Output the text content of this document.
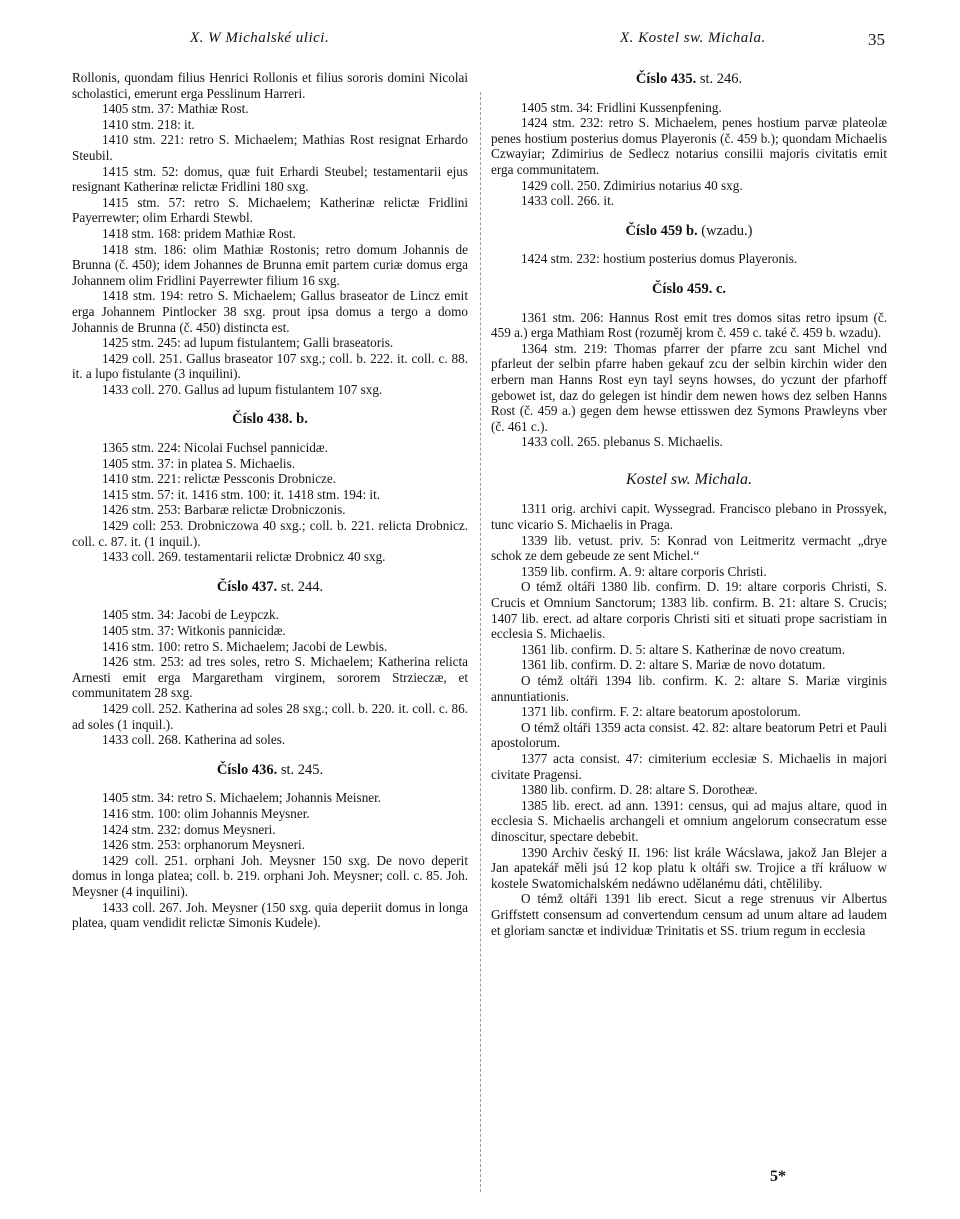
X. W Michalské ulici.	X. Kostel sw. Michala.	35

Rollonis, quondam filius Henrici Rollonis et filius sororis domini Nicolai scholastici, emerunt erga Pesslinum Harreri.

1405 stm. 37: Mathiæ Rost.

1410 stm. 218: it.

1410 stm. 221: retro S. Michaelem; Mathias Rost resignat Erhardo Steubil.

1415 stm. 52: domus, quæ fuit Erhardi Steubel; testamentarii ejus resignant Katherinæ relictæ Fridlini 180 sxg.

1415 stm. 57: retro S. Michaelem; Katherinæ relictæ Fridlini Payerrewter; olim Erhardi Stewbl.

1418 stm. 168: pridem Mathiæ Rost.

1418 stm. 186: olim Mathiæ Rostonis; retro domum Johannis de Brunna (č. 450); idem Johannes de Brunna emit partem curiæ domus erga Johannem olim Fridlini Payerrewter filium 16 sxg.

1418 stm. 194: retro S. Michaelem; Gallus braseator de Lincz emit erga Johannem Pintlocker 38 sxg. prout ipsa domus a tergo a domo Johannis de Brunna (č. 450) distincta est.

1425 stm. 245: ad lupum fistulantem; Galli braseatoris.

1429 coll. 251. Gallus braseator 107 sxg.; coll. b. 222. it. coll. c. 88. it. a lupo fistulante (3 inquilini).

1433 coll. 270. Gallus ad lupum fistulantem 107 sxg.

Číslo 438. b.

1365 stm. 224: Nicolai Fuchsel pannicidæ.

1405 stm. 37: in platea S. Michaelis.

1410 stm. 221: relictæ Pessconis Drobnicze.

1415 stm. 57: it. 1416 stm. 100: it. 1418 stm. 194: it.

1426 stm. 253: Barbaræ relictæ Drobniczonis.

1429 coll: 253. Drobniczowa 40 sxg.; coll. b. 221. relicta Drobnicz. coll. c. 87. it. (1 inquil.).

1433 coll. 269. testamentarii relictæ Drobnicz 40 sxg.

Číslo 437. st. 244.

1405 stm. 34: Jacobi de Leypczk.

1405 stm. 37: Witkonis pannicidæ.

1416 stm. 100: retro S. Michaelem; Jacobi de Lewbis.

1426 stm. 253: ad tres soles, retro S. Michaelem; Katherina relicta Arnesti emit erga Margaretham virginem, sororem Strzieczæ, et communitatem 28 sxg.

1429 coll. 252. Katherina ad soles 28 sxg.; coll. b. 220. it. coll. c. 86. ad soles (1 inquil.).

1433 coll. 268. Katherina ad soles.

Číslo 436. st. 245.

1405 stm. 34: retro S. Michaelem; Johannis Meisner.

1416 stm. 100: olim Johannis Meysner.

1424 stm. 232: domus Meysneri.

1426 stm. 253: orphanorum Meysneri.

1429 coll. 251. orphani Joh. Meysner 150 sxg. De novo deperit domus in longa platea; coll. b. 219. orphani Joh. Meysner; coll. c. 85. Joh. Meysner (4 inquilini).

1433 coll. 267. Joh. Meysner (150 sxg. quia deperiit domus in longa platea, quam vendidit relictæ Simonis Kudele).

Číslo 435. st. 246.

1405 stm. 34: Fridlini Kussenpfening.

1424 stm. 232: retro S. Michaelem, penes hostium parvæ plateolæ penes hostium posterius domus Playeronis (č. 459 b.); quondam Michaelis Czwayiar; Zdimirius de Sedlecz notarius consilii majoris civitatis emit erga communitatem.

1429 coll. 250. Zdimirius notarius 40 sxg.

1433 coll. 266. it.

Číslo 459 b. (wzadu.)

1424 stm. 232: hostium posterius domus Playeronis.

Číslo 459. c.

1361 stm. 206: Hannus Rost emit tres domos sitas retro ipsum (č. 459 a.) erga Mathiam Rost (rozuměj krom č. 459 c. také č. 459 b. wzadu).

1364 stm. 219: Thomas pfarrer der pfarre zcu sant Michel vnd pfarleut der selbin pfarre haben gekauf zcu der selbin kirchin wider den erbern man Hanns Rost eyn tayl seyns howses, do yczunt der pfarhoff gebowet ist, daz do gelegen ist hindir dem newen hows dez selben Hanns Rost (č. 459 a.) gegen dem hewse ettisswen dez Symons Prawleyns vber (č. 461 c.).

1433 coll. 265. plebanus S. Michaelis.

Kostel sw. Michala.

1311 orig. archivi capit. Wyssegrad. Francisco plebano in Prossyek, tunc vicario S. Michaelis in Praga.

1339 lib. vetust. priv. 5: Konrad von Leitmeritz vermacht „drye schok ze dem gebeude ze sent Michel.“

1359 lib. confirm. A. 9: altare corporis Christi.

O témž oltáři 1380 lib. confirm. D. 19: altare corporis Christi, S. Crucis et Omnium Sanctorum; 1383 lib. confirm. B. 21: altare S. Crucis; 1407 lib. erect. ad altare corporis Christi siti et situati prope sacristiam in ecclesia S. Michaelis.

1361 lib. confirm. D. 5: altare S. Katherinæ de novo creatum.

1361 lib. confirm. D. 2: altare S. Mariæ de novo dotatum.

O témž oltáři 1394 lib. confirm. K. 2: altare S. Mariæ virginis annuntiationis.

1371 lib. confirm. F. 2: altare beatorum apostolorum.

O témž oltáři 1359 acta consist. 42. 82: altare beatorum Petri et Pauli apostolorum.

1377 acta consist. 47: cimiterium ecclesiæ S. Michaelis in majori civitate Pragensi.

1380 lib. confirm. D. 28: altare S. Dorotheæ.

1385 lib. erect. ad ann. 1391: census, qui ad majus altare, quod in ecclesia S. Michaelis archangeli et omnium angelorum consecratum esse dinoscitur, spectare debebit.

1390 Archiv český II. 196: list krále Wácslawa, jakož Jan Blejer a Jan apatekář měli jsú 12 kop platu k oltáři sw. Trojice a tří králuow w kostele Swatomichalském nedáwno udělanému dáti, chtěliliby.

O témž oltáři 1391 lib erect. Sicut a rege strenuus vir Albertus Griffstett consensum ad convertendum censum ad unum altare ad laudem et gloriam sanctæ et individuæ Trinitatis et SS. trium regum in ecclesia

5*
